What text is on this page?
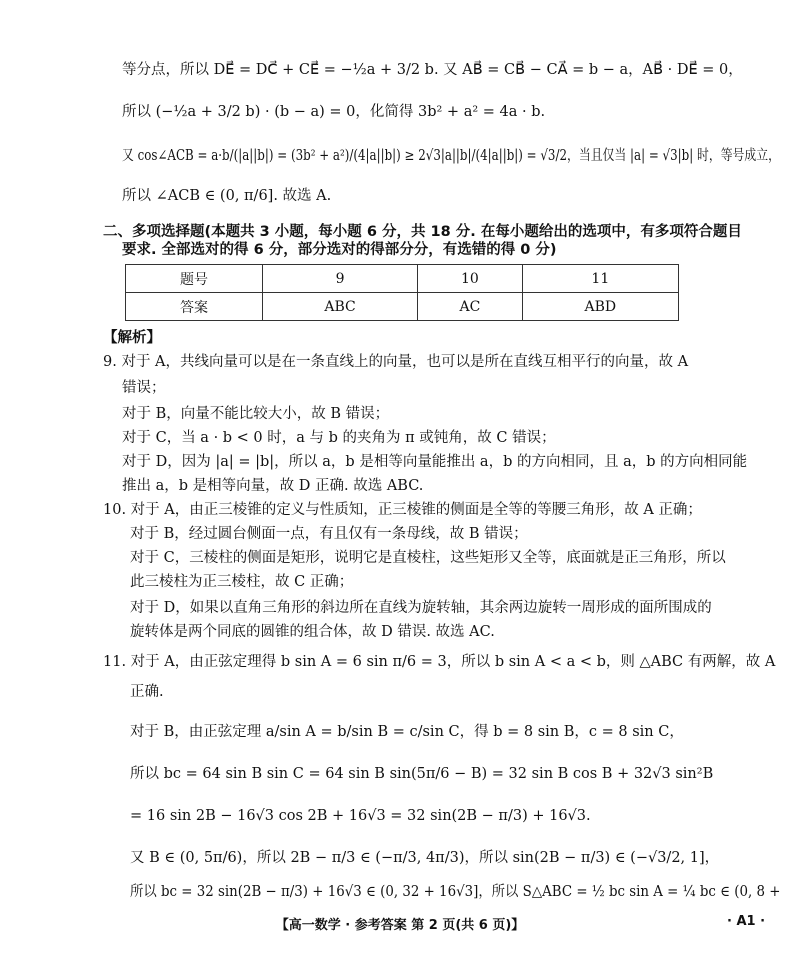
等分点，所以 DE⃗ = DC⃗ + CE⃗ = −½a + 3/2 b. 又 AB⃗ = CB⃗ − CA⃗ = b − a，AB⃗ · DE⃗ = 0，
所以 (−½a + 3/2 b) · (b − a) = 0，化简得 3b² + a² = 4a · b.
又 cos∠ACB = a·b/(|a||b|) = (3b² + a²)/(4|a||b|) ≥ 2√3|a||b|/(4|a||b|) = √3/2，当且仅当 |a| = √3|b| 时，等号成立，
所以 ∠ACB ∈ (0, π/6]. 故选 A.
二、多项选择题(本题共 3 小题，每小题 6 分，共 18 分. 在每小题给出的选项中，有多项符合题目
要求. 全部选对的得 6 分，部分选对的得部分分，有选错的得 0 分)
题号	9	10	11
答案	ABC	AC	ABD
【解析】
9. 对于 A，共线向量可以是在一条直线上的向量，也可以是所在直线互相平行的向量，故 A
错误；
对于 B，向量不能比较大小，故 B 错误；
对于 C，当 a · b < 0 时，a 与 b 的夹角为 π 或钝角，故 C 错误；
对于 D，因为 |a| = |b|，所以 a，b 是相等向量能推出 a，b 的方向相同，且 a，b 的方向相同能
推出 a，b 是相等向量，故 D 正确. 故选 ABC.
10. 对于 A，由正三棱锥的定义与性质知，正三棱锥的侧面是全等的等腰三角形，故 A 正确；
对于 B，经过圆台侧面一点，有且仅有一条母线，故 B 错误；
对于 C，三棱柱的侧面是矩形，说明它是直棱柱，这些矩形又全等，底面就是正三角形，所以
此三棱柱为正三棱柱，故 C 正确；
对于 D，如果以直角三角形的斜边所在直线为旋转轴，其余两边旋转一周形成的面所围成的
旋转体是两个同底的圆锥的组合体，故 D 错误. 故选 AC.
11. 对于 A，由正弦定理得 b sin A = 6 sin π/6 = 3，所以 b sin A < a < b，则 △ABC 有两解，故 A
正确.
对于 B，由正弦定理 a/sin A = b/sin B = c/sin C，得 b = 8 sin B，c = 8 sin C，
所以 bc = 64 sin B sin C = 64 sin B sin(5π/6 − B) = 32 sin B cos B + 32√3 sin²B
= 16 sin 2B − 16√3 cos 2B + 16√3 = 32 sin(2B − π/3) + 16√3.
又 B ∈ (0, 5π/6)，所以 2B − π/3 ∈ (−π/3, 4π/3)，所以 sin(2B − π/3) ∈ (−√3/2, 1]，
所以 bc = 32 sin(2B − π/3) + 16√3 ∈ (0, 32 + 16√3]，所以 S△ABC = ½ bc sin A = ¼ bc ∈ (0, 8 +
【高一数学 · 参考答案 第 2 页(共 6 页)】	· A1 ·
